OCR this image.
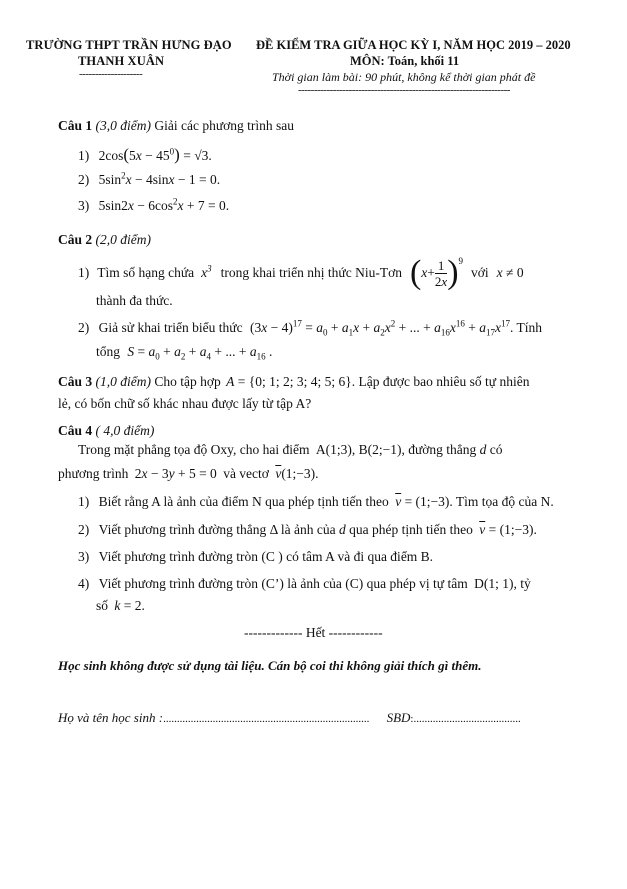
TRƯỜNG THPT TRẦN HƯNG ĐẠO
THANH XUÂN
--------------------
ĐỀ KIỂM TRA GIỮA HỌC KỲ I, NĂM HỌC 2019 – 2020
MÔN: Toán, khối 11
Thời gian làm bài: 90 phút, không kể thời gian phát đề
-------------------------------------------------------------------
Câu 1 (3,0 điểm) Giải các phương trình sau
1) $2\cos(5x - 45^0) = √3$.
2) $5\sin^2x - 4\sin x - 1 = 0$.
3) $5\sin 2x - 6\cos^2x + 7 = 0$.
Câu 2 (2,0 điểm)
1) Tìm số hạng chứa $x^3$ trong khai triển nhị thức Niu-Tơn ( $x + \frac{1}{2x} )^9$
với x ≠ 0
thành đa thức.
2) Giả sử khai triển biểu thức $(3x - 4)^{17} = a_0 + a_1x + a_2x^2$ + ... + $a_{16}x^{16} + a_{17}x^{17}$. Tính
tổng $S = a_0 + a_2 + a_4$ + ... + $a_{16}$ .
Câu 3 (1,0 điểm) Cho tập hợp A = {0; 1; 2; 3; 4; 5; 6}. Lập được bao nhiêu số tự nhiên
lẻ, có bốn chữ số khác nhau được lấy từ tập A?
Câu 4 ( 4,0 điểm)
Trong mặt phẳng tọa độ Oxy, cho hai điểm A(1;3), B(2;−1), đường thẳng d có
phương trình 2x − 3y + 5 = 0 và vectơ $\overline{v}(1;-3)$.
1) Biết rằng A là ảnh của điểm N qua phép tịnh tiến theo $\overline{v}$ = (1;−3). Tìm tọa độ của N.
2) Viết phương trình đường thẳng Δ là ảnh của d qua phép tịnh tiến theo $\overline{v}$ = (1;−3).
3) Viết phương trình đường tròn (C ) có tâm A và đi qua điểm B.
4) Viết phương trình đường tròn (C’) là ảnh của (C) qua phép vị tự tâm D(1; 1), tỷ
số k = 2.
------------- Hết ------------
Học sinh không được sử dụng tài liệu. Cán bộ coi thi không giải thích gì thêm.
Họ và tên học sinh :........................................................................... SBD:.......................................
